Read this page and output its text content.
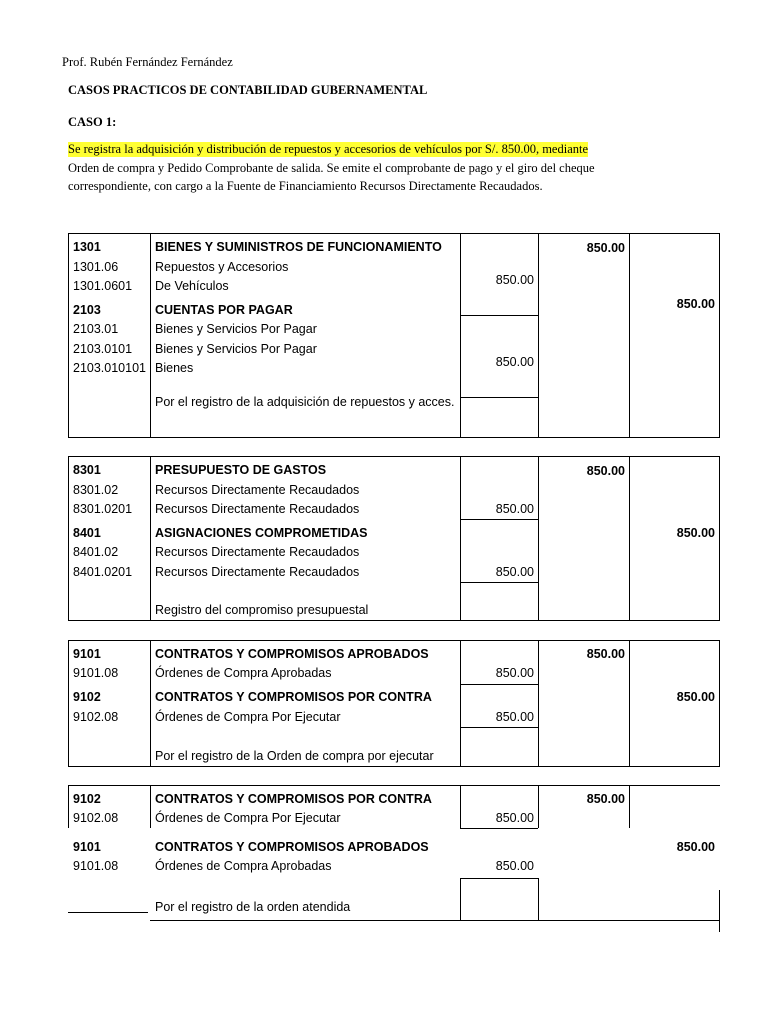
Prof. Rubén Fernández Fernández
CASOS PRACTICOS DE CONTABILIDAD GUBERNAMENTAL
CASO 1:
Se registra la adquisición y distribución de repuestos y accesorios de vehículos por S/. 850.00, mediante
Orden de compra y Pedido Comprobante de salida. Se emite el comprobante de pago y el giro del cheque
correspondiente, con cargo a la Fuente de Financiamiento Recursos Directamente Recaudados.
1301
1301.06
1301.0601
2103
2103.01
2103.0101
2103.010101
BIENES Y SUMINISTROS DE FUNCIONAMIENTO
Repuestos y Accesorios
De Vehículos
CUENTAS POR PAGAR
Bienes y Servicios Por Pagar
Bienes y Servicios Por Pagar
Bienes
Por el registro de la adquisición de repuestos y acces.
850.00
850.00
850.00
850.00
8301
8301.02
8301.0201
8401
8401.02
8401.0201
PRESUPUESTO DE GASTOS
Recursos Directamente Recaudados
Recursos Directamente Recaudados
ASIGNACIONES COMPROMETIDAS
Recursos Directamente Recaudados
Recursos Directamente Recaudados
Registro del compromiso presupuestal
850.00
850.00
850.00
850.00
9101
9101.08
9102
9102.08
CONTRATOS Y COMPROMISOS APROBADOS
Órdenes de Compra Aprobadas
CONTRATOS Y COMPROMISOS POR CONTRA
Órdenes de Compra Por Ejecutar
Por el registro de la Orden de compra por ejecutar
850.00
850.00
850.00
850.00
9102
9102.08
9101
9101.08
CONTRATOS Y COMPROMISOS POR CONTRA
Órdenes de Compra Por Ejecutar
CONTRATOS Y COMPROMISOS APROBADOS
Órdenes de Compra Aprobadas
Por el registro de la orden atendida
850.00
850.00
850.00
850.00
